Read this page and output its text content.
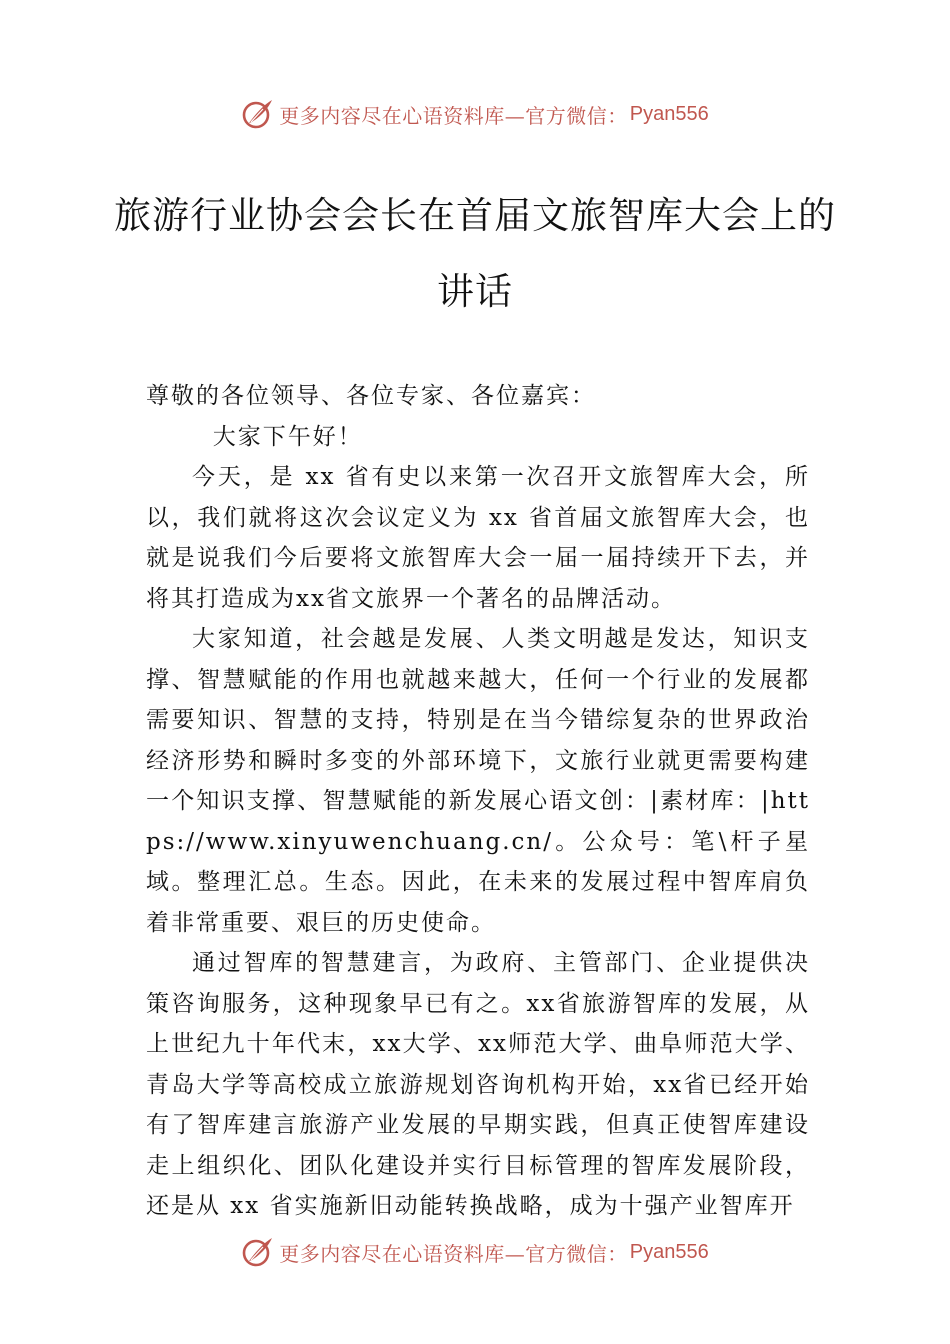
更多内容尽在心语资料库—官方微信： Pyan556
旅游行业协会会长在首届文旅智库大会上的讲话

尊敬的各位领导、各位专家、各位嘉宾：

大家下午好！

今天，是 xx 省有史以来第一次召开文旅智库大会，所以，我们就将这次会议定义为 xx 省首届文旅智库大会，也就是说我们今后要将文旅智库大会一届一届持续开下去，并将其打造成为xx省文旅界一个著名的品牌活动。

大家知道，社会越是发展、人类文明越是发达，知识支撑、智慧赋能的作用也就越来越大，任何一个行业的发展都需要知识、智慧的支持，特别是在当今错综复杂的世界政治经济形势和瞬时多变的外部环境下，文旅行业就更需要构建一个知识支撑、智慧赋能的新发展心语文创：|素材库：|https://www.xinyuwenchuang.cn/。公众号：笔\杆子星域。整理汇总。生态。因此，在未来的发展过程中智库肩负着非常重要、艰巨的历史使命。

通过智库的智慧建言，为政府、主管部门、企业提供决策咨询服务，这种现象早已有之。xx省旅游智库的发展，从上世纪九十年代末，xx大学、xx师范大学、曲阜师范大学、青岛大学等高校成立旅游规划咨询机构开始，xx省已经开始有了智库建言旅游产业发展的早期实践，但真正使智库建设走上组织化、团队化建设并实行目标管理的智库发展阶段， 还是从 xx 省实施新旧动能转换战略，成为十强产业智库开

更多内容尽在心语资料库—官方微信： Pyan556
